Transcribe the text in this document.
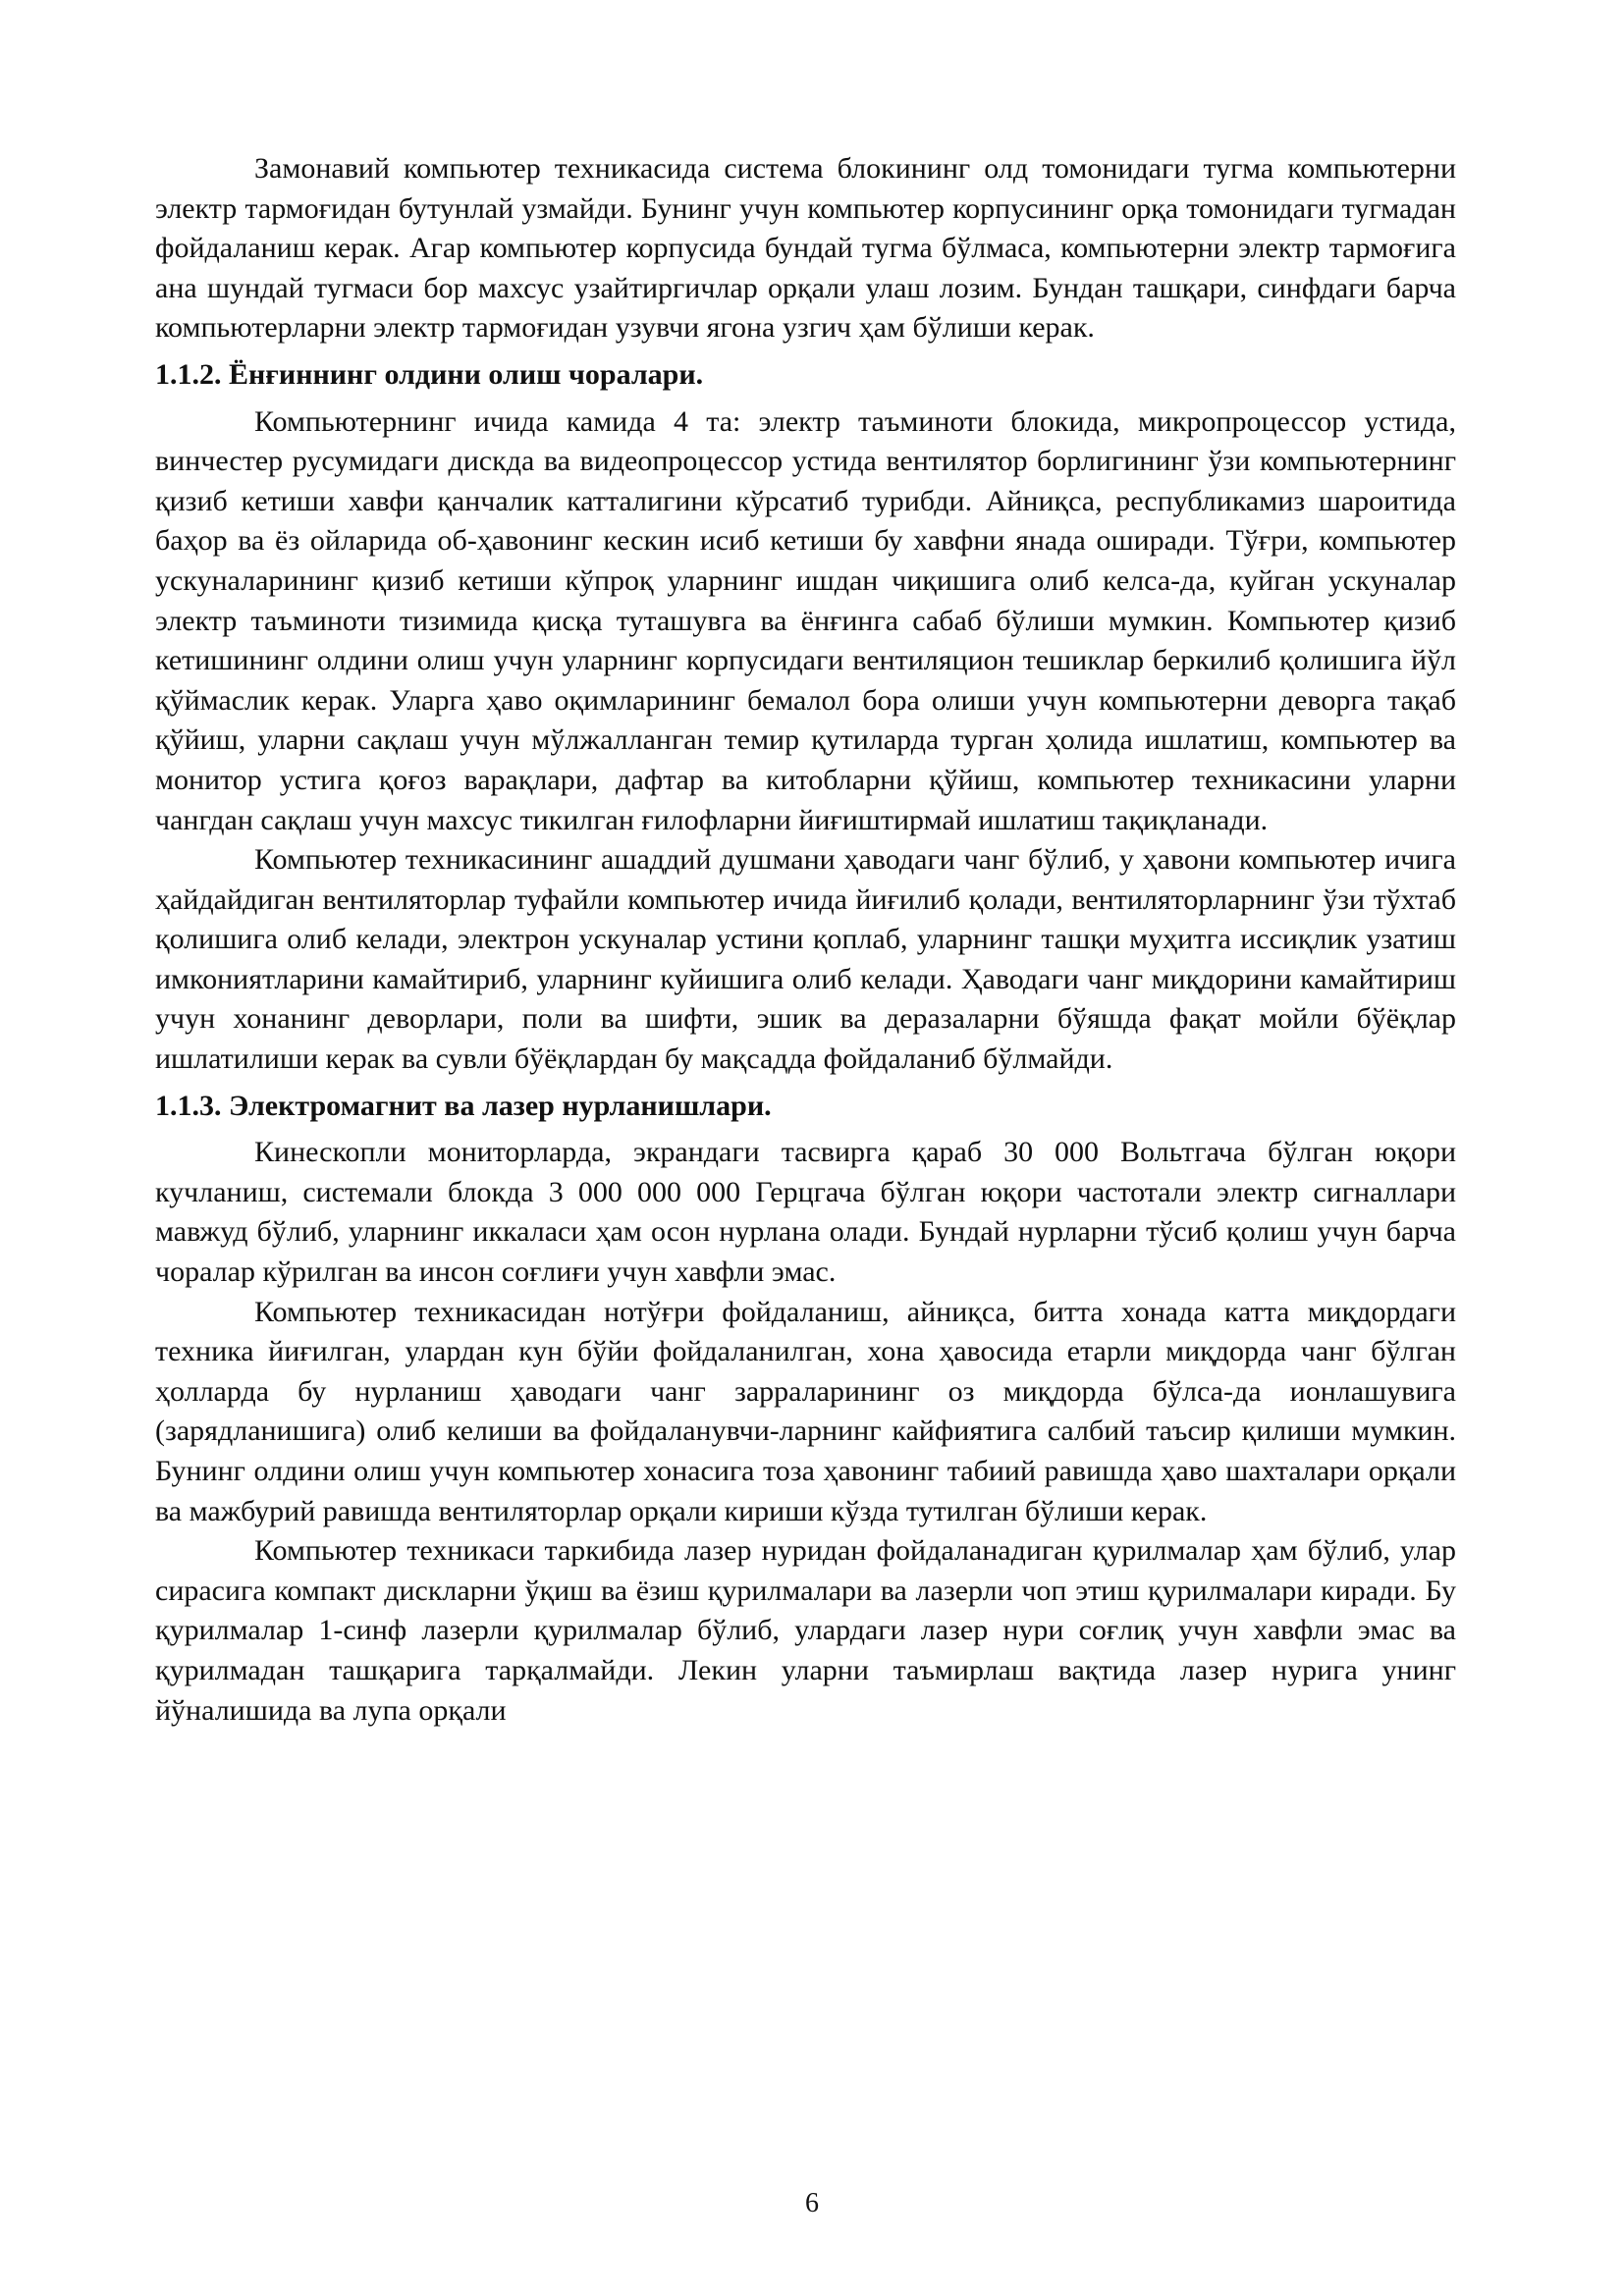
Замонавий компьютер техникасида система блокининг олд томонидаги тугма компьютерни электр тармоғидан бутунлай узмайди. Бунинг учун компьютер корпусининг орқа томонидаги тугмадан фойдаланиш керак. Агар компьютер корпусида бундай тугма бўлмаса, компьютерни электр тармоғига ана шундай тугмаси бор махсус узайтиргичлар орқали улаш лозим. Бундан ташқари, синфдаги барча компьютерларни электр тармоғидан узувчи ягона узгич ҳам бўлиши керак.

1.1.2. Ёнғиннинг олдини олиш чоралари.

Компьютернинг ичида камида 4 та: электр таъминоти блокида, микропроцессор устида, винчестер русумидаги дискда ва видеопроцессор устида вентилятор борлигининг ўзи компьютернинг қизиб кетиши хавфи қанчалик катталигини кўрсатиб турибди. Айниқса, республикамиз шароитида баҳор ва ёз ойларида об-ҳавонинг кескин исиб кетиши бу хавфни янада оширади. Тўғри, компьютер ускуналарининг қизиб кетиши кўпроқ уларнинг ишдан чиқишига олиб келса-да, куйган ускуналар электр таъминоти тизимида қисқа туташувга ва ёнғинга сабаб бўлиши мумкин. Компьютер қизиб кетишининг олдини олиш учун уларнинг корпусидаги вентиляцион тешиклар беркилиб қолишига йўл қўймаслик керак. Уларга ҳаво оқимларининг бемалол бора олиши учун компьютерни деворга тақаб қўйиш, уларни сақлаш учун мўлжалланган темир қутиларда турган ҳолида ишлатиш, компьютер ва монитор устига қоғоз варақлари, дафтар ва китобларни қўйиш, компьютер техникасини уларни чангдан сақлаш учун махсус тикилган ғилофларни йиғиштирмай ишлатиш тақиқланади.

Компьютер техникасининг ашаддий душмани ҳаводаги чанг бўлиб, у ҳавони компьютер ичига ҳайдайдиган вентиляторлар туфайли компьютер ичида йиғилиб қолади, вентиляторларнинг ўзи тўхтаб қолишига олиб келади, электрон ускуналар устини қоплаб, уларнинг ташқи муҳитга иссиқлик узатиш имкониятларини камайтириб, уларнинг куйишига олиб келади. Ҳаводаги чанг миқдорини камайтириш учун хонанинг деворлари, поли ва шифти, эшик ва деразаларни бўяшда фақат мойли бўёқлар ишлатилиши керак ва сувли бўёқлардан бу мақсадда фойдаланиб бўлмайди.

1.1.3. Электромагнит ва лазер нурланишлари.

Кинескопли мониторларда, экрандаги тасвирга қараб 30 000 Вольтгача бўлган юқори кучланиш, системали блокда 3 000 000 000 Герцгача бўлган юқори частотали электр сигналлари мавжуд бўлиб, уларнинг иккаласи ҳам осон нурлана олади. Бундай нурларни тўсиб қолиш учун барча чоралар кўрилган ва инсон соғлиғи учун хавфли эмас.

Компьютер техникасидан нотўғри фойдаланиш, айниқса, битта хонада катта миқдордаги техника йиғилган, улардан кун бўйи фойдаланилган, хона ҳавосида етарли миқдорда чанг бўлган ҳолларда бу нурланиш ҳаводаги чанг зарраларининг оз миқдорда бўлса-да ионлашувига (зарядланишига) олиб келиши ва фойдаланувчи-ларнинг кайфиятига салбий таъсир қилиши мумкин. Бунинг олдини олиш учун компьютер хонасига тоза ҳавонинг табиий равишда ҳаво шахталари орқали ва мажбурий равишда вентиляторлар орқали кириши кўзда тутилган бўлиши керак.

Компьютер техникаси таркибида лазер нуридан фойдаланадиган қурилмалар ҳам бўлиб, улар сирасига компакт дискларни ўқиш ва ёзиш қурилмалари ва лазерли чоп этиш қурилмалари киради. Бу қурилмалар 1-синф лазерли қурилмалар бўлиб, улардаги лазер нури соғлиқ учун хавфли эмас ва қурилмадан ташқарига тарқалмайди. Лекин уларни таъмирлаш вақтида лазер нурига унинг йўналишида ва лупа орқали

6
